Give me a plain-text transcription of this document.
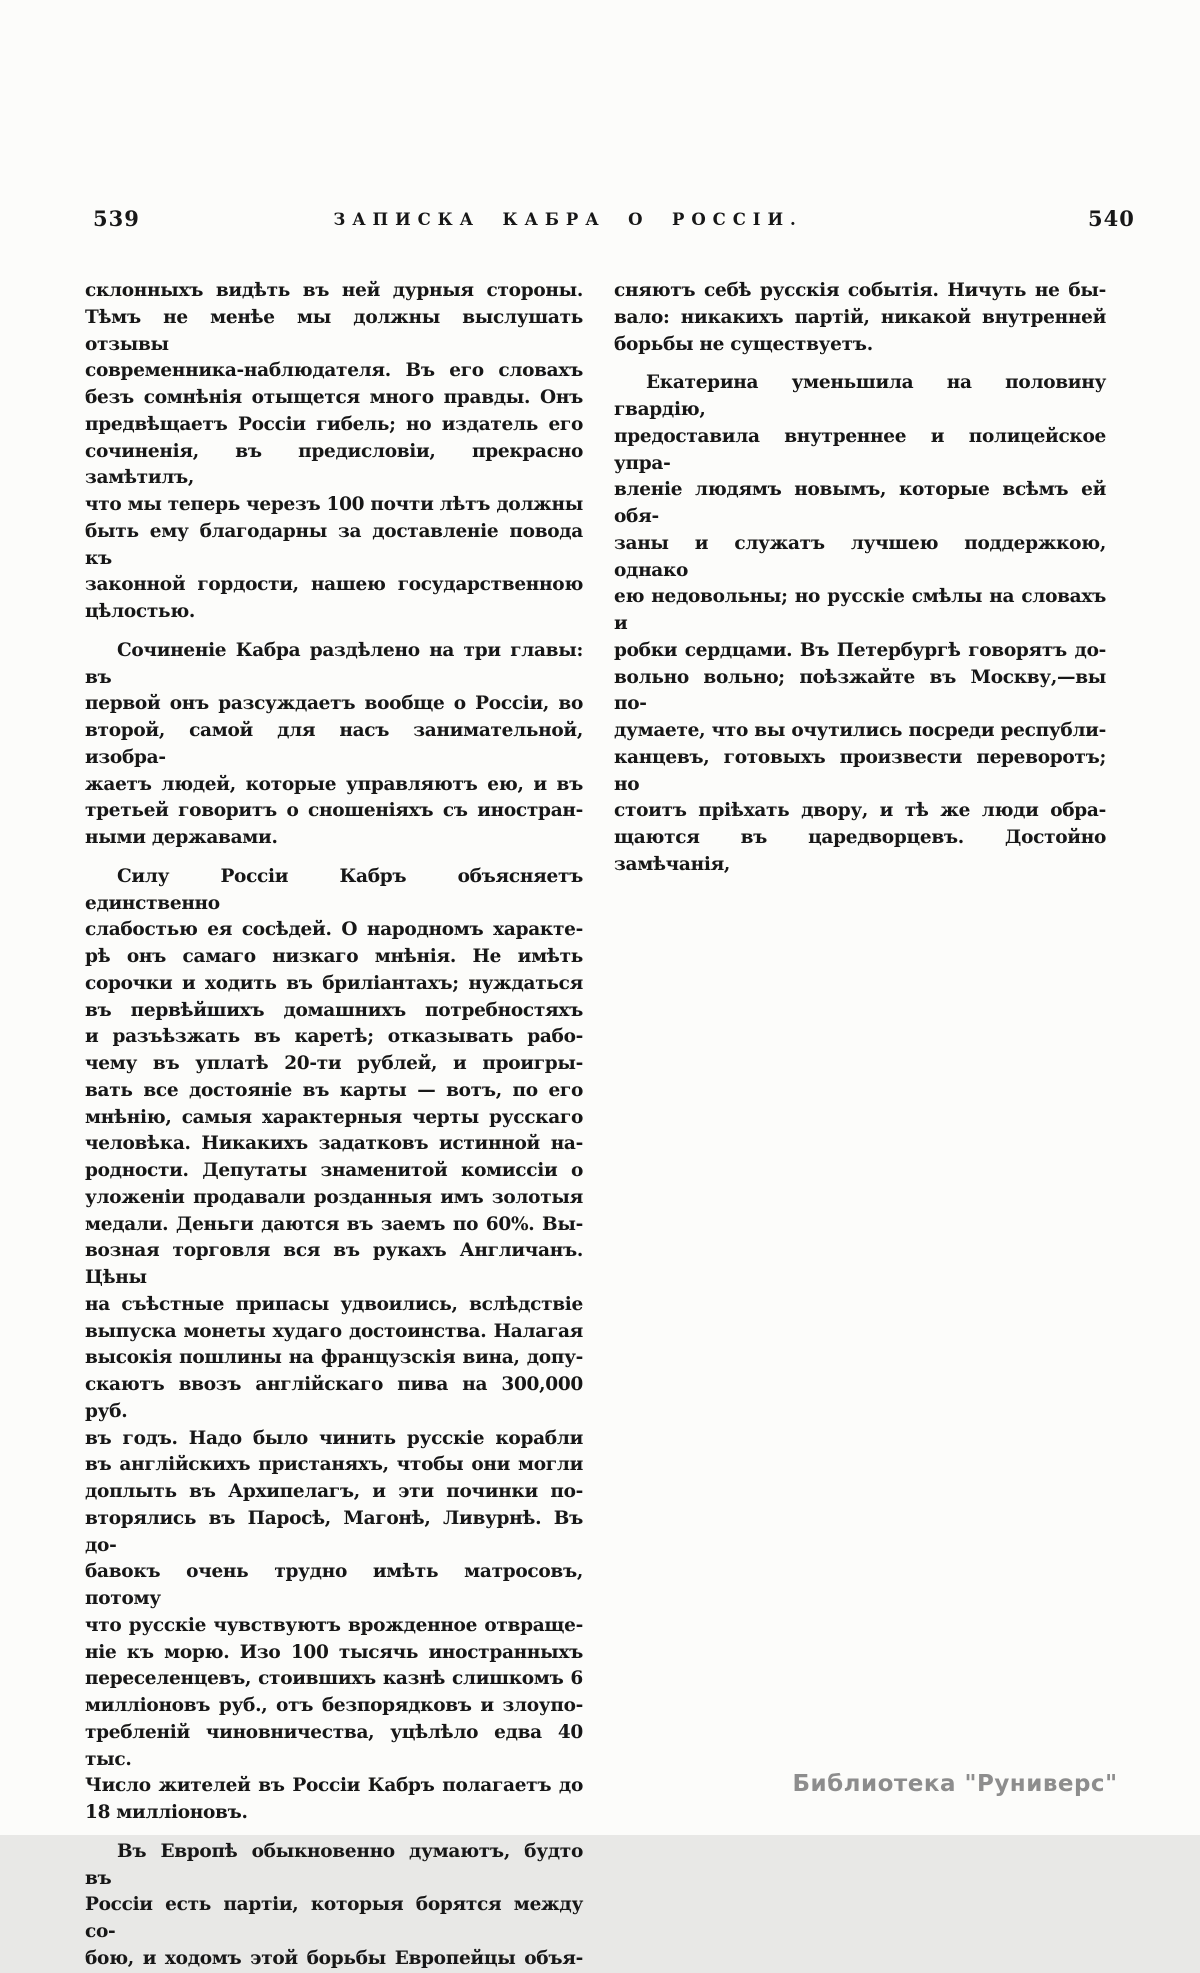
539	ЗАПИСКА КАБРА О РОССІИ.	540
склонныхъ видѣть въ ней дурныя стороны.
Тѣмъ не менѣе мы должны выслушать отзывы
современника-наблюдателя. Въ его словахъ
безъ сомнѣнія отыщется много правды. Онъ
предвѣщаетъ Россіи гибель; но издатель его
сочиненія, въ предисловіи, прекрасно замѣтилъ,
что мы теперь черезъ 100 почти лѣтъ должны
быть ему благодарны за доставленіе повода къ
законной гордости, нашею государственною
цѣлостью.
Сочиненіе Кабра раздѣлено на три главы: въ
первой онъ разсуждаетъ вообще о Россіи, во
второй, самой для насъ занимательной, изобра-
жаетъ людей, которые управляютъ ею, и въ
третьей говоритъ о сношеніяхъ съ иностран-
ными державами.
Силу Россіи Кабръ объясняетъ единственно
слабостью ея сосѣдей. О народномъ характе-
рѣ онъ самаго низкаго мнѣнія. Не имѣть
сорочки и ходить въ бриліантахъ; нуждаться
въ первѣйшихъ домашнихъ потребностяхъ
и разъѣзжать въ каретѣ; отказывать рабо-
чему въ уплатѣ 20-ти рублей, и проигры-
вать все достояніе въ карты — вотъ, по его
мнѣнію, самыя характерныя черты русскаго
человѣка. Никакихъ задатковъ истинной на-
родности. Депутаты знаменитой комиссіи о
уложеніи продавали розданныя имъ золотыя
медали. Деньги даются въ заемъ по 60%. Вы-
возная торговля вся въ рукахъ Англичанъ. Цѣны
на съѣстные припасы удвоились, вслѣдствіе
выпуска монеты худаго достоинства. Налагая
высокія пошлины на французскія вина, допу-
скаютъ ввозъ англійскаго пива на 300,000 руб.
въ годъ. Надо было чинить русскіе корабли
въ англійскихъ пристаняхъ, чтобы они могли
доплыть въ Архипелагъ, и эти починки по-
вторялись въ Паросѣ, Магонѣ, Ливурнѣ. Въ до-
бавокъ очень трудно имѣть матросовъ, потому
что русскіе чувствуютъ врожденное отвраще-
ніе къ морю. Изо 100 тысячь иностранныхъ
переселенцевъ, стоившихъ казнѣ слишкомъ 6
милліоновъ руб., отъ безпорядковъ и злоупо-
требленій чиновничества, уцѣлѣло едва 40 тыс.
Число жителей въ Россіи Кабръ полагаетъ до
18 милліоновъ.
Въ Европѣ обыкновенно думаютъ, будто въ
Россіи есть партіи, которыя борятся между со-
бою, и ходомъ этой борьбы Европейцы объя-
сняютъ себѣ русскія событія. Ничуть не бы-
вало: никакихъ партій, никакой внутренней
борьбы не существуетъ.
Екатерина уменьшила на половину гвардію,
предоставила внутреннее и полицейское упра-
вленіе людямъ новымъ, которые всѣмъ ей обя-
заны и служатъ лучшею поддержкою, однако
ею недовольны; но русскіе смѣлы на словахъ и
робки сердцами. Въ Петербургѣ говорятъ до-
вольно вольно; поѣзжайте въ Москву,—вы по-
думаете, что вы очутились посреди республи-
канцевъ, готовыхъ произвести переворотъ; но
стоитъ пріѣхать двору, и тѣ же люди обра-
щаются въ царедворцевъ. Достойно замѣчанія,
Библиотека "Руниверс"
